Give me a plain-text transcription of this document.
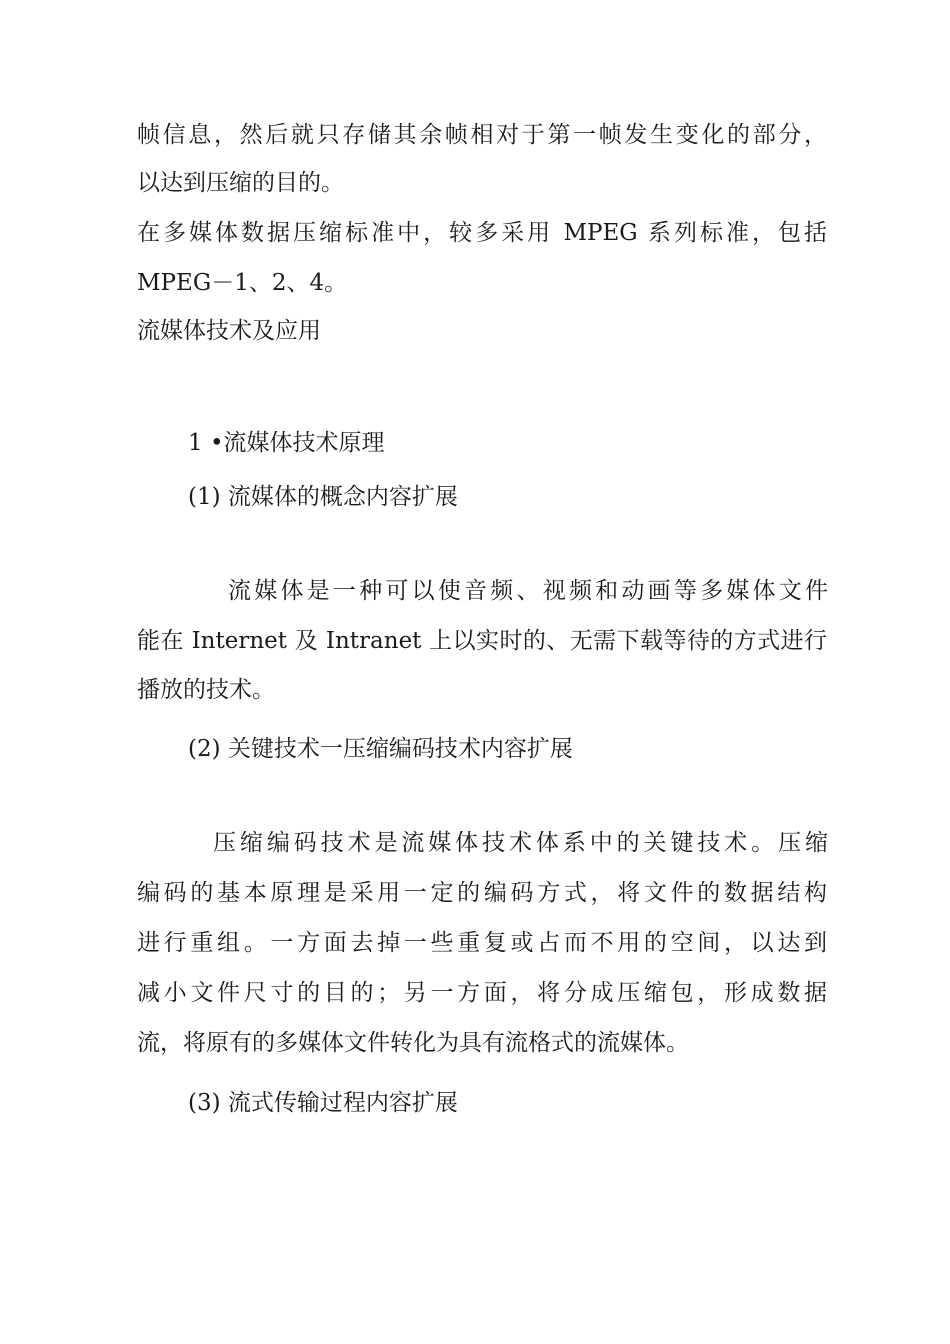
帧信息，然后就只存储其余帧相对于第一帧发生变化的部分，
以达到压缩的目的。
在多媒体数据压缩标准中，较多采用 MPEG 系列标准，包括
MPEG－1、2、4。
流媒体技术及应用
1 •流媒体技术原理
(1) 流媒体的概念内容扩展
流媒体是一种可以使音频、视频和动画等多媒体文件
能在 Internet 及 Intranet 上以实时的、无需下载等待的方式进行
播放的技术。
(2) 关键技术一压缩编码技术内容扩展
压缩编码技术是流媒体技术体系中的关键技术。压缩
编码的基本原理是采用一定的编码方式，将文件的数据结构
进行重组。一方面去掉一些重复或占而不用的空间，以达到
减小文件尺寸的目的；另一方面，将分成压缩包，形成数据
流，将原有的多媒体文件转化为具有流格式的流媒体。
(3) 流式传输过程内容扩展
